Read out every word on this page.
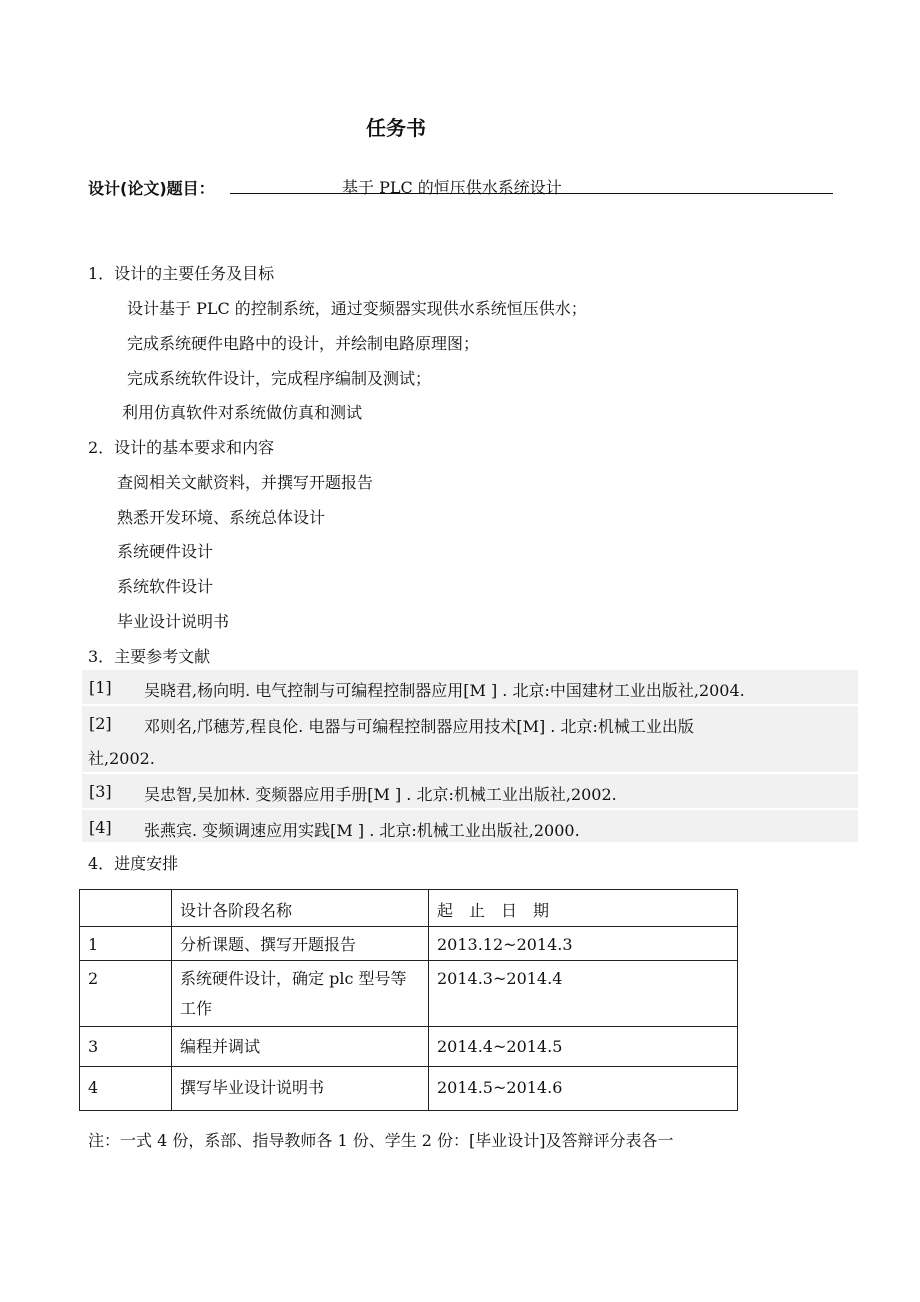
任务书
设计(论文)题目：	基于 PLC 的恒压供水系统设计
1．设计的主要任务及目标
设计基于 PLC 的控制系统，通过变频器实现供水系统恒压供水；
完成系统硬件电路中的设计，并绘制电路原理图；
完成系统软件设计，完成程序编制及测试；
利用仿真软件对系统做仿真和测试
2．设计的基本要求和内容
查阅相关文献资料，并撰写开题报告
熟悉开发环境、系统总体设计
系统硬件设计
系统软件设计
毕业设计说明书
3．主要参考文献
[1] 吴晓君,杨向明. 电气控制与可编程控制器应用[M ] . 北京:中国建材工业出版社,2004.
[2] 邓则名,邝穗芳,程良伦. 电器与可编程控制器应用技术[M] . 北京:机械工业出版
社,2002.
[3] 吴忠智,吴加林. 变频器应用手册[M ] . 北京:机械工业出版社,2002.
[4] 张燕宾. 变频调速应用实践[M ] . 北京:机械工业出版社,2000.
4．进度安排
	设计各阶段名称	起　止　日　期
1	分析课题、撰写开题报告	2013.12~2014.3
2	系统硬件设计，确定 plc 型号等工作	2014.3~2014.4
3	编程并调试	2014.4~2014.5
4	撰写毕业设计说明书	2014.5~2014.6
注：一式 4 份，系部、指导教师各 1 份、学生 2 份：[毕业设计]及答辩评分表各一
